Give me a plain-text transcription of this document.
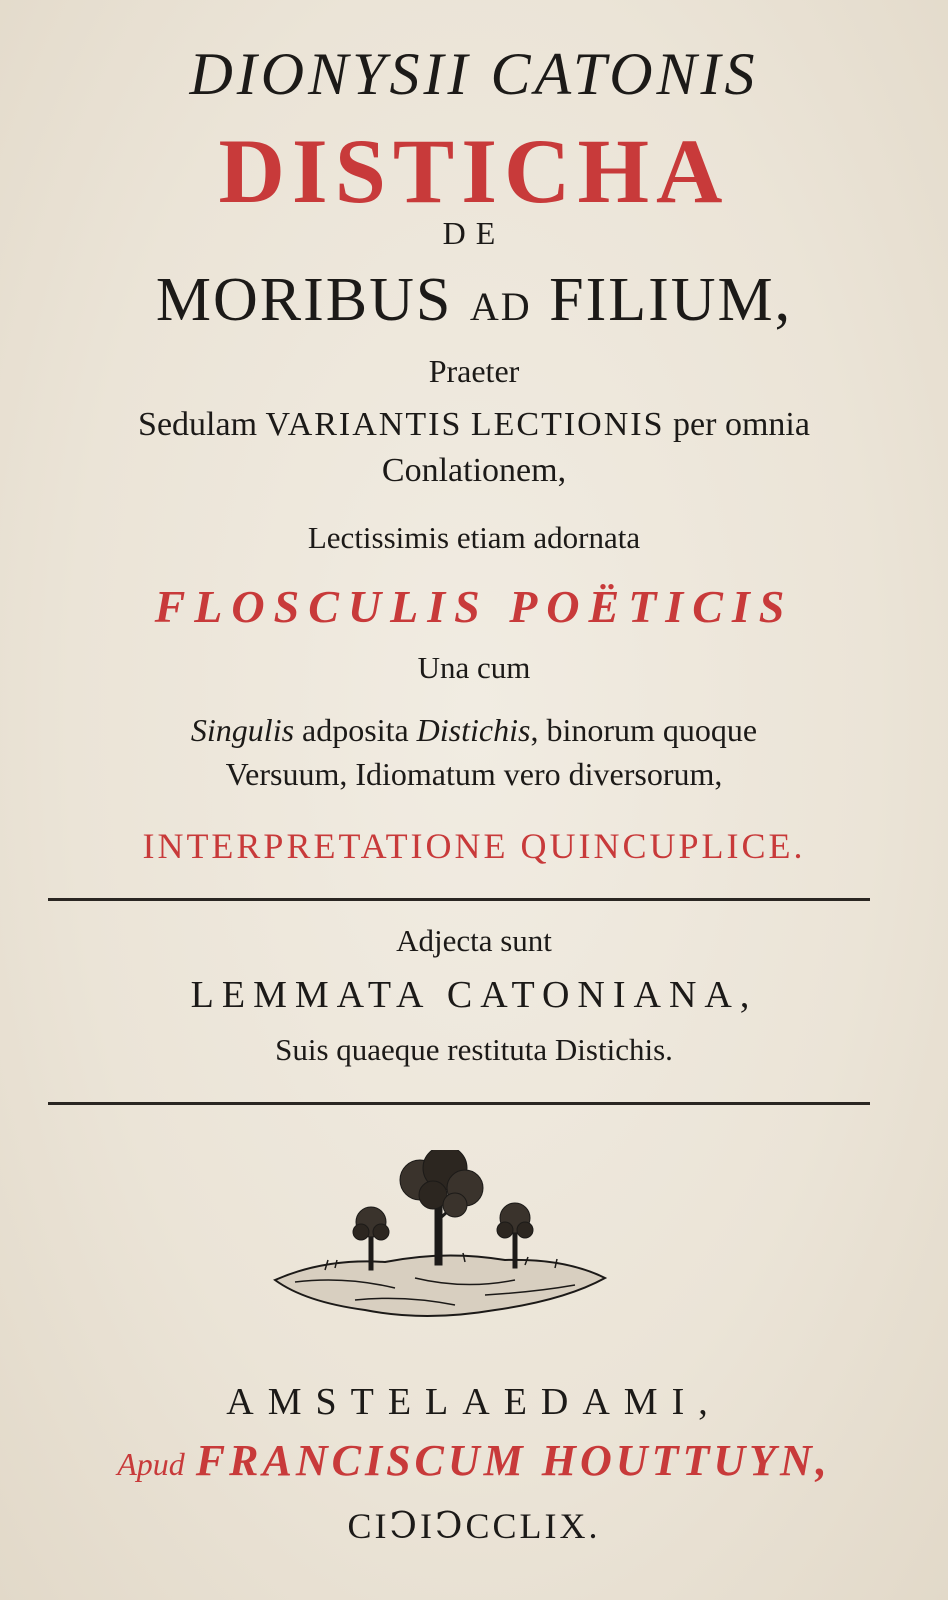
DIONYSII CATONIS
DISTICHA
DE
MORIBUS AD FILIUM,
Praeter
Sedulam VARIANTIS LECTIONIS per omnia
Conlationem,
Lectissimis etiam adornata
FLOSCULIS POËTICIS
Una cum
Singulis adposita Distichis, binorum quoque
Versuum, Idiomatum vero diversorum,
INTERPRETATIONE QUINCUPLICE.
Adjecta sunt
LEMMATA CATONIANA,
Suis quaeque restituta Distichis.
AMSTELAEDAMI,
Apud FRANCISCUM HOUTTUYN,
CIↃIↃCCLIX.
